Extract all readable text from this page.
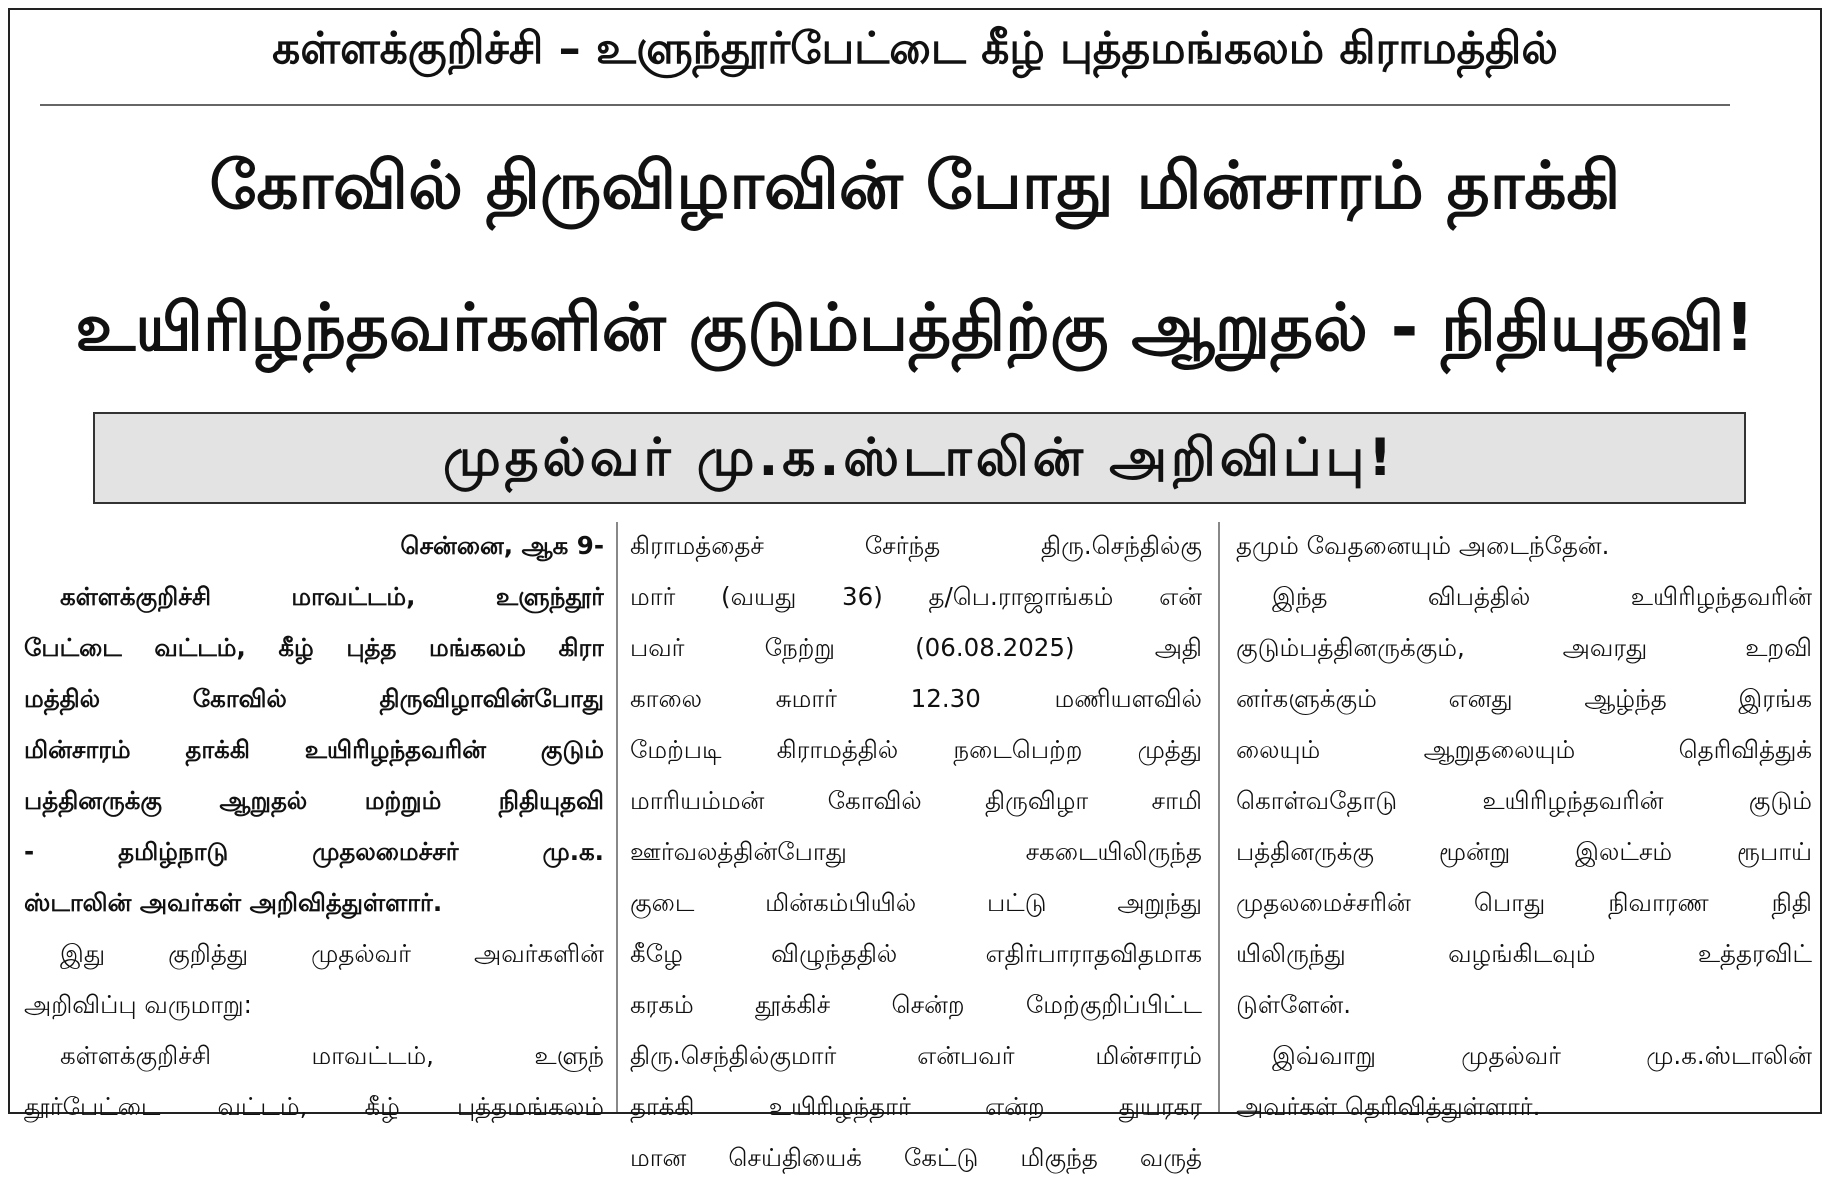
கள்ளக்குறிச்சி – உளுந்தூர்பேட்டை கீழ் புத்தமங்கலம் கிராமத்தில்
கோவில் திருவிழாவின் போது மின்சாரம் தாக்கி
உயிரிழந்தவர்களின் குடும்பத்திற்கு ஆறுதல் - நிதியுதவி!
முதல்வர் மு.க.ஸ்டாலின் அறிவிப்பு!
சென்னை, ஆக 9-
கள்ளக்குறிச்சி மாவட்டம், உளுந்தூர்
பேட்டை வட்டம், கீழ் புத்த மங்கலம் கிரா
மத்தில் கோவில் திருவிழாவின்போது
மின்சாரம் தாக்கி உயிரிழந்தவரின் குடும்
பத்தினருக்கு ஆறுதல் மற்றும் நிதியுதவி
- தமிழ்நாடு முதலமைச்சர் மு.க.
ஸ்டாலின் அவர்கள் அறிவித்துள்ளார்.
இது குறித்து முதல்வர் அவர்களின்
அறிவிப்பு வருமாறு:
கள்ளக்குறிச்சி மாவட்டம், உளுந்
தூர்பேட்டை வட்டம், கீழ் புத்தமங்கலம்
கிராமத்தைச் சேர்ந்த திரு.செந்தில்கு
மார் (வயது 36) த/பெ.ராஜாங்கம் என்
பவர் நேற்று (06.08.2025) அதி
காலை சுமார் 12.30 மணியளவில்
மேற்படி கிராமத்தில் நடைபெற்ற முத்து
மாரியம்மன் கோவில் திருவிழா சாமி
ஊர்வலத்தின்போது சகடையிலிருந்த
குடை மின்கம்பியில் பட்டு அறுந்து
கீழே விழுந்ததில் எதிர்பாராதவிதமாக
கரகம் தூக்கிச் சென்ற மேற்குறிப்பிட்ட
திரு.செந்தில்குமார் என்பவர் மின்சாரம்
தாக்கி உயிரிழந்தார் என்ற துயரகர
மான செய்தியைக் கேட்டு மிகுந்த வருத்
தமும் வேதனையும் அடைந்தேன்.
இந்த விபத்தில் உயிரிழந்தவரின்
குடும்பத்தினருக்கும், அவரது உறவி
னர்களுக்கும் எனது ஆழ்ந்த இரங்க
லையும் ஆறுதலையும் தெரிவித்துக்
கொள்வதோடு உயிரிழந்தவரின் குடும்
பத்தினருக்கு மூன்று இலட்சம் ரூபாய்
முதலமைச்சரின் பொது நிவாரண நிதி
யிலிருந்து வழங்கிடவும் உத்தரவிட்
டுள்ளேன்.
இவ்வாறு முதல்வர் மு.க.ஸ்டாலின்
அவர்கள் தெரிவித்துள்ளார்.
